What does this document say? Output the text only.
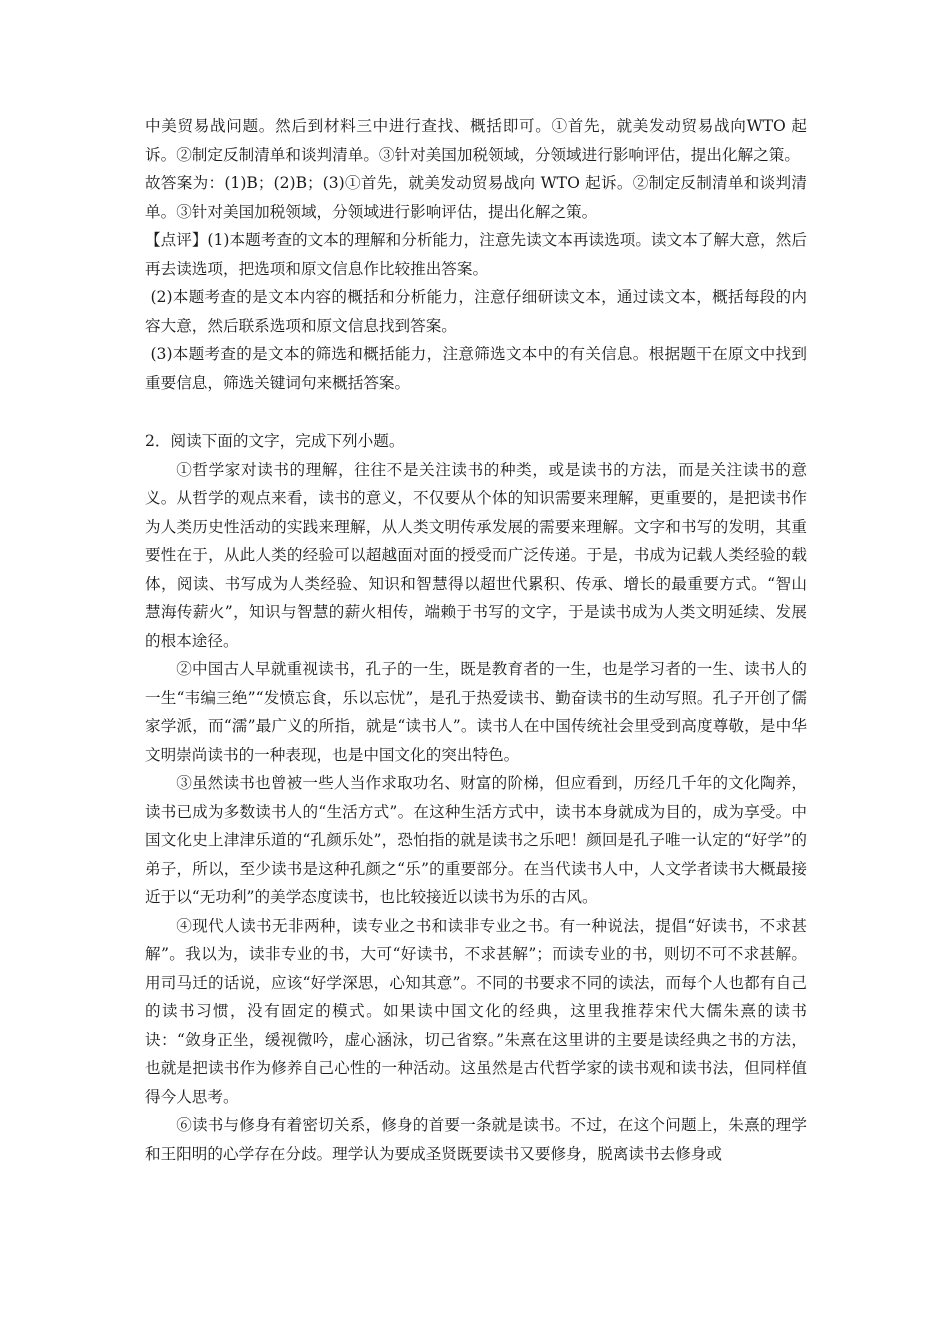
中美贸易战问题。然后到材料三中进行查找、概括即可。①首先，就美发动贸易战向WTO 起诉。②制定反制清单和谈判清单。③针对美国加税领域，分领域进行影响评估，提出化解之策。

故答案为：(1)B；(2)B；(3)①首先，就美发动贸易战向 WTO 起诉。②制定反制清单和谈判清单。③针对美国加税领域，分领域进行影响评估，提出化解之策。

【点评】(1)本题考查的文本的理解和分析能力，注意先读文本再读选项。读文本了解大意，然后再去读选项，把选项和原文信息作比较推出答案。

(2)本题考查的是文本内容的概括和分析能力，注意仔细研读文本，通过读文本，概括每段的内容大意，然后联系选项和原文信息找到答案。

(3)本题考查的是文本的筛选和概括能力，注意筛选文本中的有关信息。根据题干在原文中找到重要信息，筛选关键词句来概括答案。

2．阅读下面的文字，完成下列小题。

①哲学家对读书的理解，往往不是关注读书的种类，或是读书的方法，而是关注读书的意义。从哲学的观点来看，读书的意义，不仅要从个体的知识需要来理解，更重要的，是把读书作为人类历史性活动的实践来理解，从人类文明传承发展的需要来理解。文字和书写的发明，其重要性在于，从此人类的经验可以超越面对面的授受而广泛传递。于是，书成为记载人类经验的载体，阅读、书写成为人类经验、知识和智慧得以超世代累积、传承、增长的最重要方式。“智山慧海传薪火”，知识与智慧的薪火相传，端赖于书写的文字，于是读书成为人类文明延续、发展的根本途径。

②中国古人早就重视读书，孔子的一生，既是教育者的一生，也是学习者的一生、读书人的一生“韦编三绝”“发愤忘食，乐以忘忧”，是孔于热爱读书、勤奋读书的生动写照。孔子开创了儒家学派，而“濡”最广义的所指，就是“读书人”。读书人在中国传统社会里受到高度尊敬，是中华文明崇尚读书的一种表现，也是中国文化的突出特色。

③虽然读书也曾被一些人当作求取功名、财富的阶梯，但应看到，历经几千年的文化陶养，读书已成为多数读书人的“生活方式”。在这种生活方式中，读书本身就成为目的，成为享受。中国文化史上津津乐道的“孔颜乐处”，恐怕指的就是读书之乐吧！颜回是孔子唯一认定的“好学”的弟子，所以，至少读书是这种孔颜之“乐”的重要部分。在当代读书人中，人文学者读书大概最接近于以“无功利”的美学态度读书，也比较接近以读书为乐的古风。

④现代人读书无非两种，读专业之书和读非专业之书。有一种说法，提倡“好读书，不求甚解”。我以为，读非专业的书，大可“好读书，不求甚解”；而读专业的书，则切不可不求甚解。用司马迁的话说，应该“好学深思，心知其意”。不同的书要求不同的读法，而每个人也都有自己的读书习惯，没有固定的模式。如果读中国文化的经典，这里我推荐宋代大儒朱熹的读书诀：“敛身正坐，缓视微吟，虚心涵泳，切己省察。”朱熹在这里讲的主要是读经典之书的方法，也就是把读书作为修养自己心性的一种活动。这虽然是古代哲学家的读书观和读书法，但同样值得今人思考。

⑥读书与修身有着密切关系，修身的首要一条就是读书。不过，在这个问题上，朱熹的理学和王阳明的心学存在分歧。理学认为要成圣贤既要读书又要修身，脱离读书去修身或
